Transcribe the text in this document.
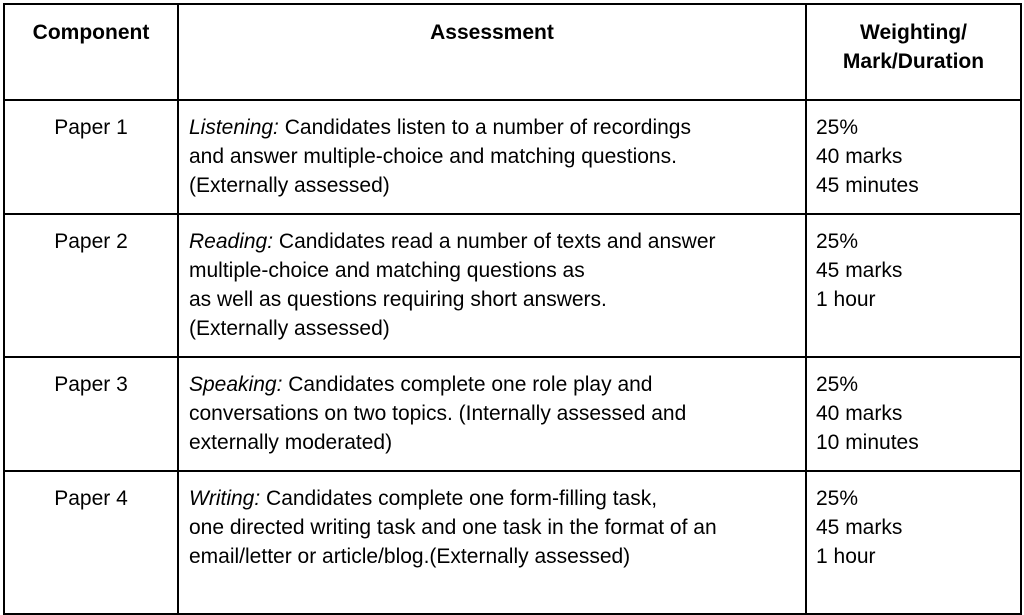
Component	Assessment	Weighting/
Mark/Duration

Paper 1	Listening: Candidates listen to a number of recordings
and answer multiple-choice and matching questions.
(Externally assessed)	25%
40 marks
45 minutes

Paper 2	Reading: Candidates read a number of texts and answer
multiple-choice and matching questions as
as well as questions requiring short answers.
(Externally assessed)	25%
45 marks
1 hour

Paper 3	Speaking: Candidates complete one role play and
conversations on two topics. (Internally assessed and
externally moderated)	25%
40 marks
10 minutes

Paper 4	Writing: Candidates complete one form-filling task,
one directed writing task and one task in the format of an
email/letter or article/blog.(Externally assessed)	25%
45 marks
1 hour
